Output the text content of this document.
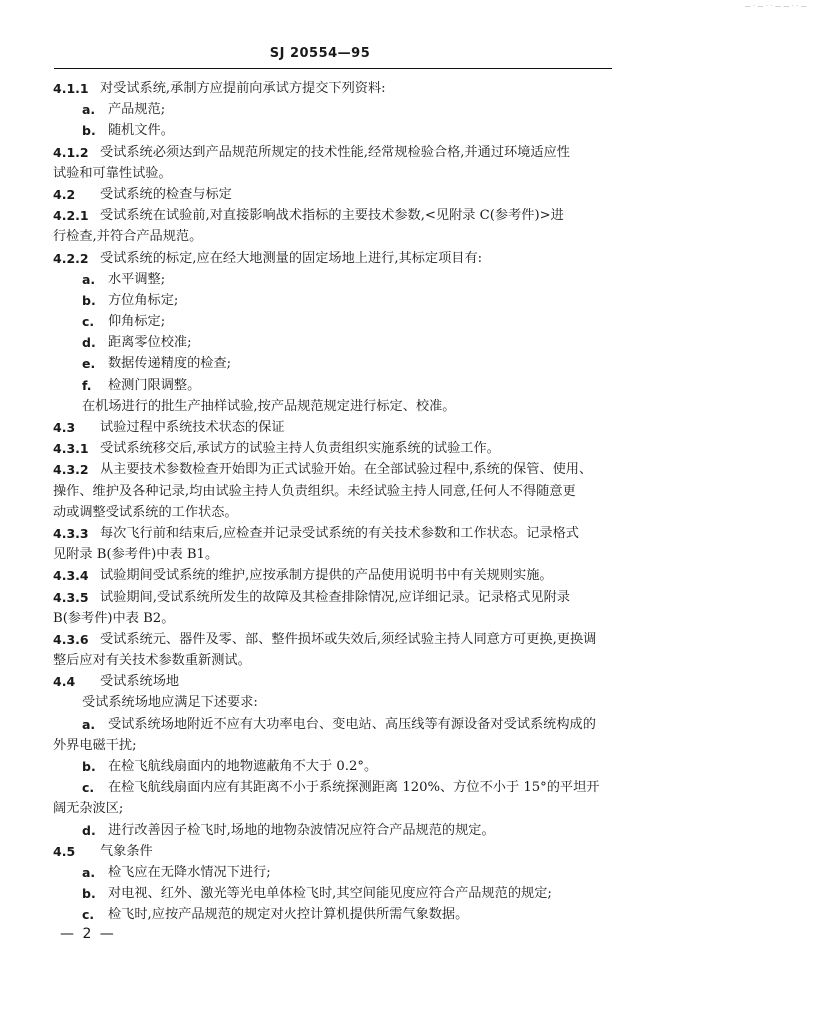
— · — · · — — · · —
SJ 20554—95
4.1.1 对受试系统,承制方应提前向承试方提交下列资料:
a. 产品规范;
b. 随机文件。
4.1.2 受试系统必须达到产品规范所规定的技术性能,经常规检验合格,并通过环境适应性
试验和可靠性试验。
4.2 受试系统的检查与标定
4.2.1 受试系统在试验前,对直接影响战术指标的主要技术参数,<见附录 C(参考件)>进
行检查,并符合产品规范。
4.2.2 受试系统的标定,应在经大地测量的固定场地上进行,其标定项目有:
a. 水平调整;
b. 方位角标定;
c. 仰角标定;
d. 距离零位校准;
e. 数据传递精度的检查;
f. 检测门限调整。
在机场进行的批生产抽样试验,按产品规范规定进行标定、校准。
4.3 试验过程中系统技术状态的保证
4.3.1 受试系统移交后,承试方的试验主持人负责组织实施系统的试验工作。
4.3.2 从主要技术参数检查开始即为正式试验开始。在全部试验过程中,系统的保管、使用、
操作、维护及各种记录,均由试验主持人负责组织。未经试验主持人同意,任何人不得随意更
动或调整受试系统的工作状态。
4.3.3 每次飞行前和结束后,应检查并记录受试系统的有关技术参数和工作状态。记录格式
见附录 B(参考件)中表 B1。
4.3.4 试验期间受试系统的维护,应按承制方提供的产品使用说明书中有关规则实施。
4.3.5 试验期间,受试系统所发生的故障及其检查排除情况,应详细记录。记录格式见附录
B(参考件)中表 B2。
4.3.6 受试系统元、器件及零、部、整件损坏或失效后,须经试验主持人同意方可更换,更换调
整后应对有关技术参数重新测试。
4.4 受试系统场地
受试系统场地应满足下述要求:
a. 受试系统场地附近不应有大功率电台、变电站、高压线等有源设备对受试系统构成的
外界电磁干扰;
b. 在检飞航线扇面内的地物遮蔽角不大于 0.2°。
c. 在检飞航线扇面内应有其距离不小于系统探测距离 120%、方位不小于 15°的平坦开
阔无杂波区;
d. 进行改善因子检飞时,场地的地物杂波情况应符合产品规范的规定。
4.5 气象条件
a. 检飞应在无降水情况下进行;
b. 对电视、红外、激光等光电单体检飞时,其空间能见度应符合产品规范的规定;
c. 检飞时,应按产品规范的规定对火控计算机提供所需气象数据。
— 2 —
